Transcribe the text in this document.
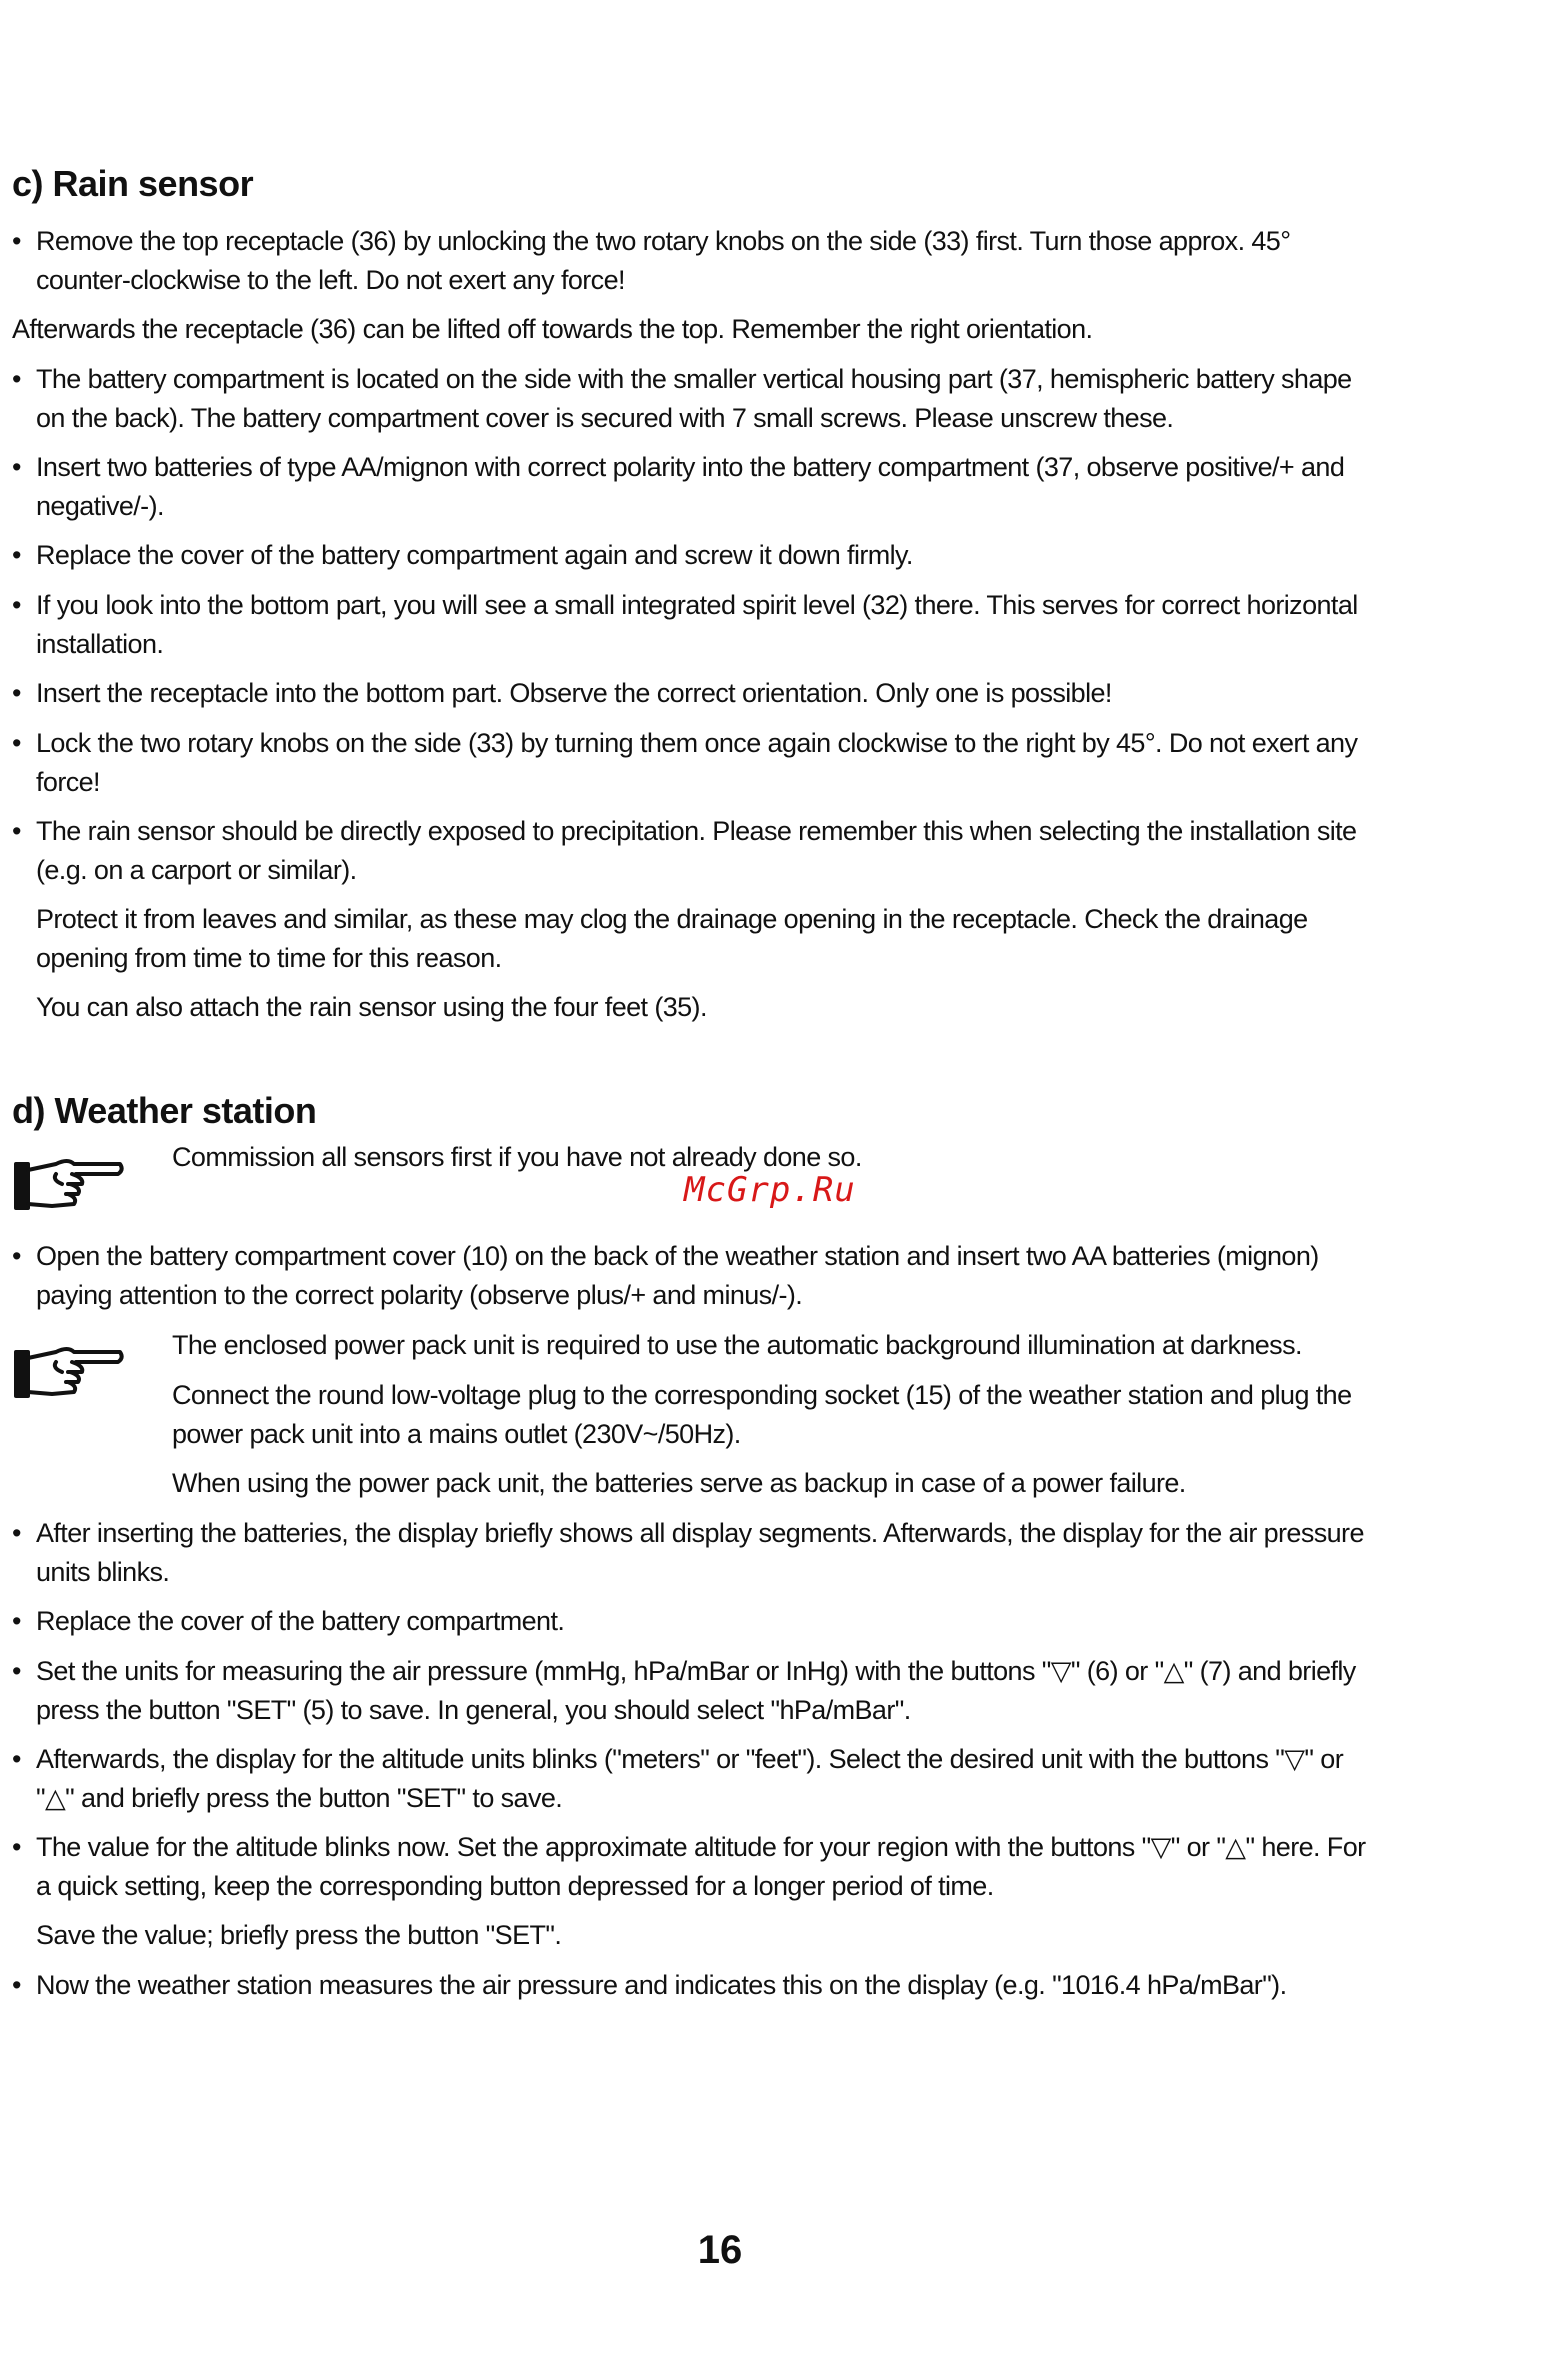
c) Rain sensor

• Remove the top receptacle (36) by unlocking the two rotary knobs on the side (33) first. Turn those approx. 45° counter-clockwise to the left. Do not exert any force!

Afterwards the receptacle (36) can be lifted off towards the top. Remember the right orientation.

• The battery compartment is located on the side with the smaller vertical housing part (37, hemispheric battery shape on the back). The battery compartment cover is secured with 7 small screws. Please unscrew these.

• Insert two batteries of type AA/mignon with correct polarity into the battery compartment (37, observe positive/+ and negative/-).

• Replace the cover of the battery compartment again and screw it down firmly.

• If you look into the bottom part, you will see a small integrated spirit level (32) there. This serves for correct horizontal installation.

• Insert the receptacle into the bottom part. Observe the correct orientation. Only one is possible!

• Lock the two rotary knobs on the side (33) by turning them once again clockwise to the right by 45°. Do not exert any force!

• The rain sensor should be directly exposed to precipitation. Please remember this when selecting the installation site (e.g. on a carport or similar).

Protect it from leaves and similar, as these may clog the drainage opening in the receptacle. Check the drainage opening from time to time for this reason.

You can also attach the rain sensor using the four feet (35).

d) Weather station

Commission all sensors first if you have not already done so.

McGrp.Ru

• Open the battery compartment cover (10) on the back of the weather station and insert two AA batteries (mignon) paying attention to the correct polarity (observe plus/+ and minus/-).

The enclosed power pack unit is required to use the automatic background illumination at darkness.

Connect the round low-voltage plug to the corresponding socket (15) of the weather station and plug the power pack unit into a mains outlet (230V~/50Hz).

When using the power pack unit, the batteries serve as backup in case of a power failure.

• After inserting the batteries, the display briefly shows all display segments. Afterwards, the display for the air pressure units blinks.

• Replace the cover of the battery compartment.

• Set the units for measuring the air pressure (mmHg, hPa/mBar or InHg) with the buttons "▽" (6) or "△" (7) and briefly press the button "SET" (5) to save. In general, you should select "hPa/mBar".

• Afterwards, the display for the altitude units blinks ("meters" or "feet"). Select the desired unit with the buttons "▽" or "△" and briefly press the button "SET" to save.

• The value for the altitude blinks now. Set the approximate altitude for your region with the buttons "▽" or "△" here. For a quick setting, keep the corresponding button depressed for a longer period of time.

Save the value; briefly press the button "SET".

• Now the weather station measures the air pressure and indicates this on the display (e.g. "1016.4 hPa/mBar").

16
